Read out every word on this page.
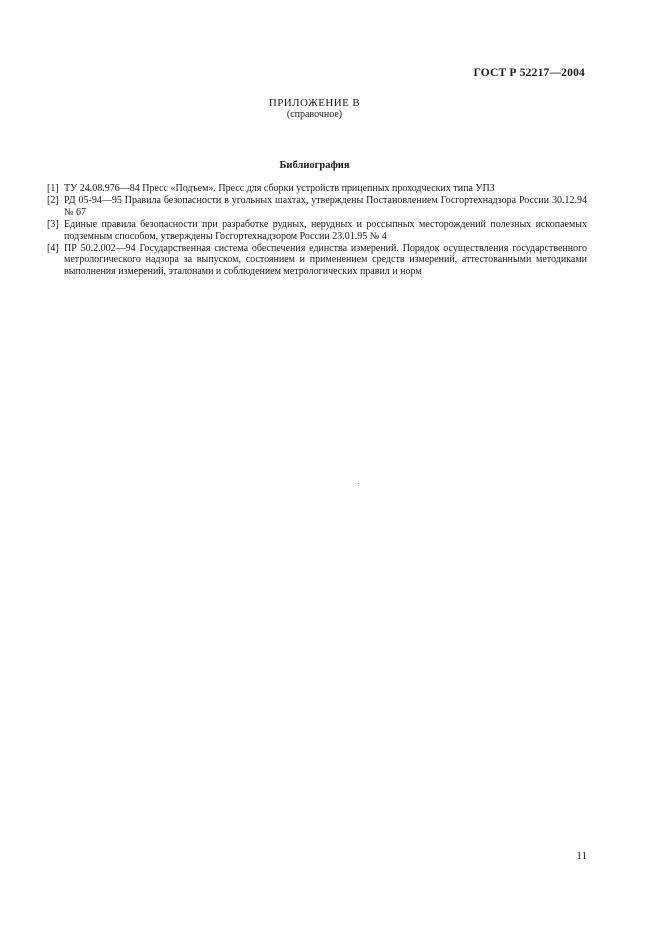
ГОСТ Р 52217—2004
ПРИЛОЖЕНИЕ В
(справочное)
Библиография
[1] ТУ 24.08.976—84 Пресс «Подъем». Пресс для сборки устройств прицепных проходческих типа УПЗ
[2] РД 05-94—95 Правила безопасности в угольных шахтах, утверждены Постановлением Госгортехнадзора России 30.12.94 № 67
[3] Единые правила безопасности при разработке рудных, нерудных и россыпных месторождений полезных ископаемых подземным способом, утверждены Госгортехнадзором России 23.01.95 № 4
[4] ПР 50.2.002—94 Государственная система обеспечения единства измерений. Порядок осуществления государственного метрологического надзора за выпуском, состоянием и применением средств измерений, аттестованными методиками выполнения измерений, эталонами и соблюдением метрологических правил и норм
11
